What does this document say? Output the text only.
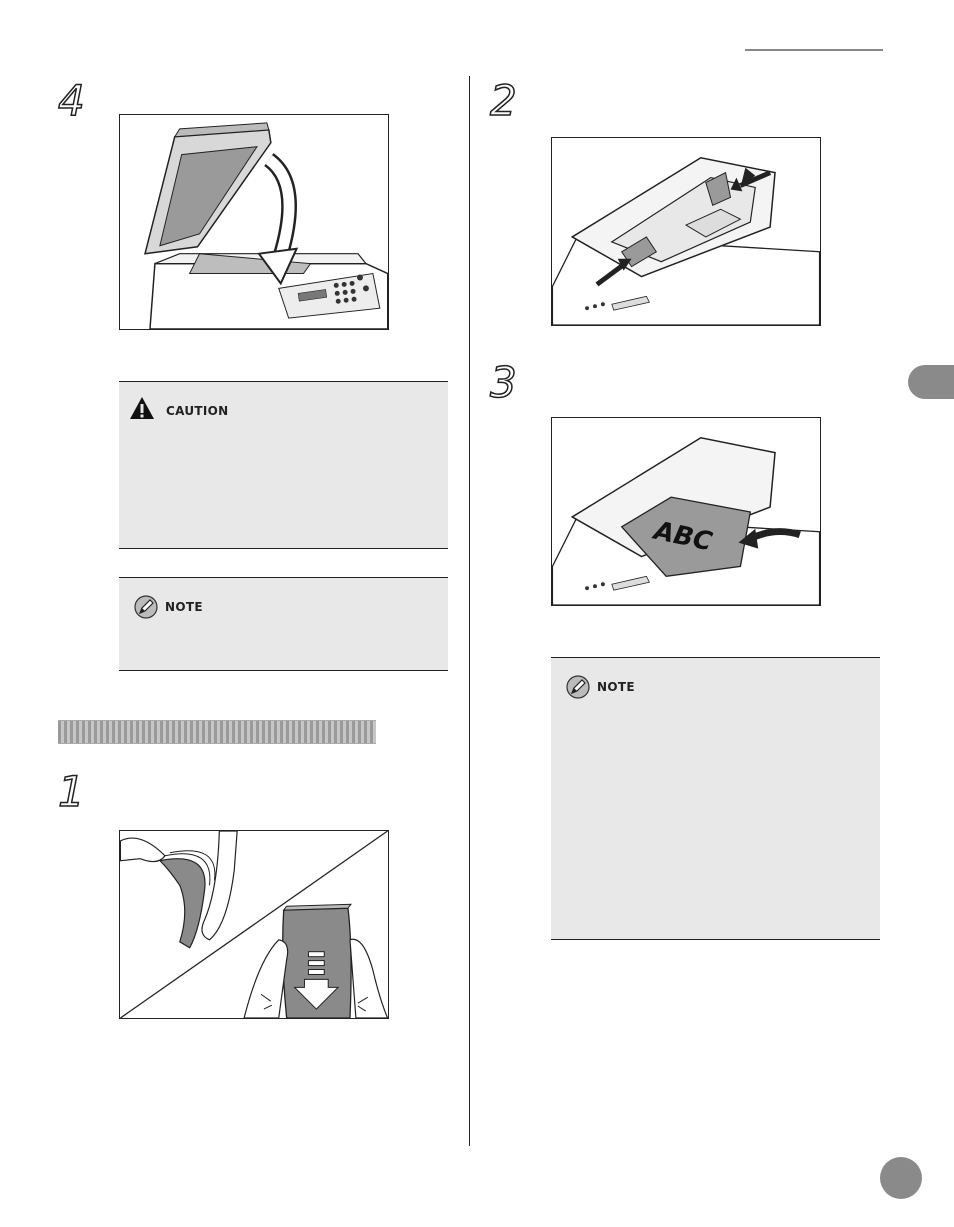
4
CAUTION
NOTE
1
2
3
ABC
NOTE
